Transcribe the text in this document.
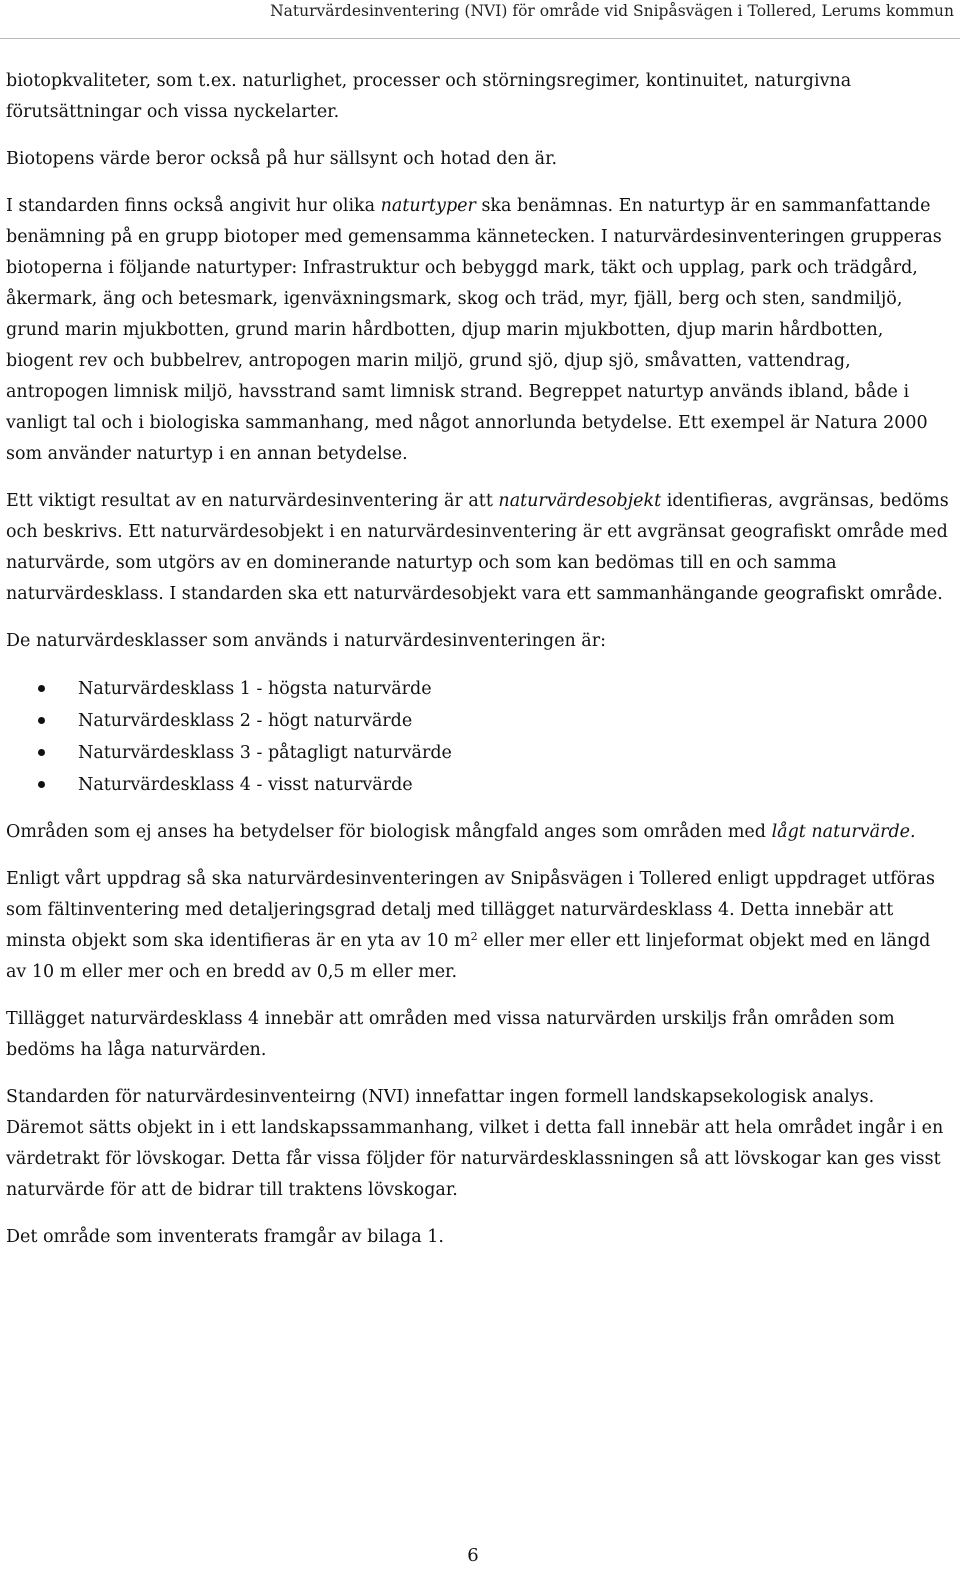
Naturvärdesinventering (NVI) för område vid Snipåsvägen i Tollered, Lerums kommun

biotopkvaliteter, som t.ex. naturlighet, processer och störningsregimer, kontinuitet, naturgivna förutsättningar och vissa nyckelarter.

Biotopens värde beror också på hur sällsynt och hotad den är.

I standarden finns också angivit hur olika naturtyper ska benämnas. En naturtyp är en sammanfattande benämning på en grupp biotoper med gemensamma kännetecken. I naturvärdesinventeringen grupperas biotoperna i följande naturtyper: Infrastruktur och bebyggd mark, täkt och upplag, park och trädgård, åkermark, äng och betesmark, igenväxningsmark, skog och träd, myr, fjäll, berg och sten, sandmiljö, grund marin mjukbotten, grund marin hårdbotten, djup marin mjukbotten, djup marin hårdbotten, biogent rev och bubbelrev, antropogen marin miljö, grund sjö, djup sjö, småvatten, vattendrag, antropogen limnisk miljö, havsstrand samt limnisk strand. Begreppet naturtyp används ibland, både i vanligt tal och i biologiska sammanhang, med något annorlunda betydelse. Ett exempel är Natura 2000 som använder naturtyp i en annan betydelse.

Ett viktigt resultat av en naturvärdesinventering är att naturvärdesobjekt identifieras, avgränsas, bedöms och beskrivs. Ett naturvärdesobjekt i en naturvärdesinventering är ett avgränsat geografiskt område med naturvärde, som utgörs av en dominerande naturtyp och som kan bedömas till en och samma naturvärdesklass. I standarden ska ett naturvärdesobjekt vara ett sammanhängande geografiskt område.

De naturvärdesklasser som används i naturvärdesinventeringen är:

Naturvärdesklass 1 - högsta naturvärde
Naturvärdesklass 2 - högt naturvärde
Naturvärdesklass 3 - påtagligt naturvärde
Naturvärdesklass 4 - visst naturvärde

Områden som ej anses ha betydelser för biologisk mångfald anges som områden med lågt naturvärde.

Enligt vårt uppdrag så ska naturvärdesinventeringen av Snipåsvägen i Tollered enligt uppdraget utföras som fältinventering med detaljeringsgrad detalj med tillägget naturvärdesklass 4. Detta innebär att minsta objekt som ska identifieras är en yta av 10 $m^2$ eller mer eller ett linjeformat objekt med en längd av 10 m eller mer och en bredd av 0,5 m eller mer.

Tillägget naturvärdesklass 4 innebär att områden med vissa naturvärden urskiljs från områden som bedöms ha låga naturvärden.

Standarden för naturvärdesinventeirng (NVI) innefattar ingen formell landskapsekologisk analys. Däremot sätts objekt in i ett landskapssammanhang, vilket i detta fall innebär att hela området ingår i en värdetrakt för lövskogar. Detta får vissa följder för naturvärdesklassningen så att lövskogar kan ges visst naturvärde för att de bidrar till traktens lövskogar.

Det område som inventerats framgår av bilaga 1.

6
